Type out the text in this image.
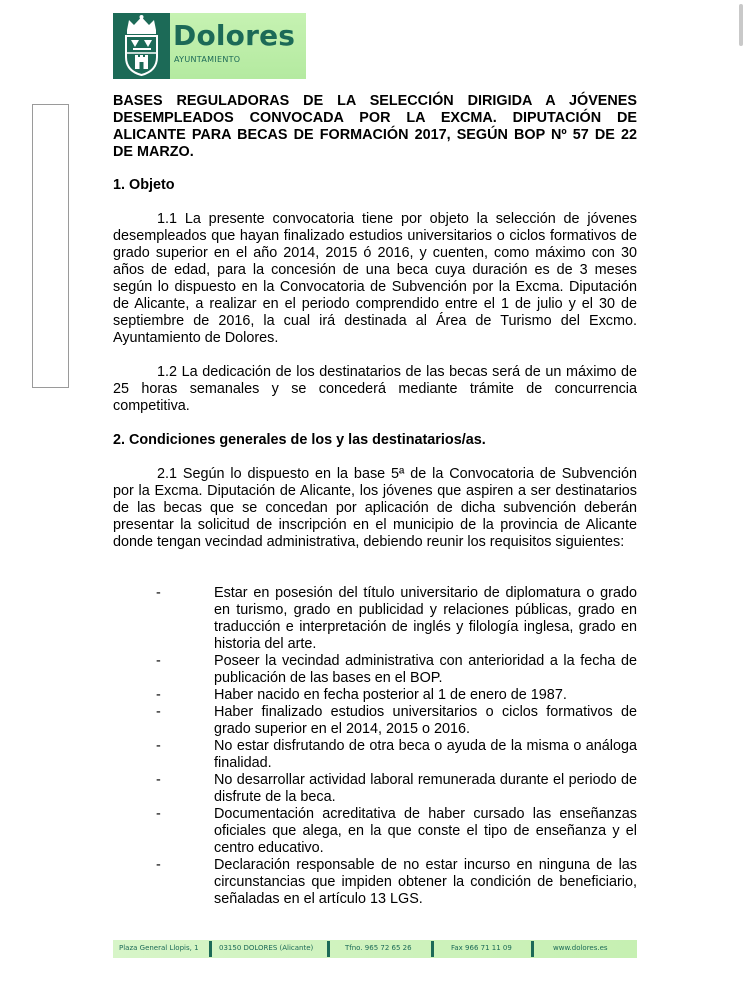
Dolores
AYUNTAMIENTO
BASES REGULADORAS DE LA SELECCIÓN DIRIGIDA A JÓVENES DESEMPLEADOS CONVOCADA POR LA EXCMA. DIPUTACIÓN DE ALICANTE PARA BECAS DE FORMACIÓN 2017, SEGÚN BOP Nº 57 DE 22 DE MARZO.
1. Objeto
1.1 La presente convocatoria tiene por objeto la selección de jóvenes desempleados que hayan finalizado estudios universitarios o ciclos formativos de grado superior en el año 2014, 2015 ó 2016, y cuenten, como máximo con 30 años de edad, para la concesión de una beca cuya duración es de 3 meses según lo dispuesto en la Convocatoria de Subvención por la Excma. Diputación de Alicante, a realizar en el periodo comprendido entre el 1 de julio y el 30 de septiembre de 2016, la cual irá destinada al Área de Turismo del Excmo. Ayuntamiento de Dolores.
1.2 La dedicación de los destinatarios de las becas será de un máximo de 25 horas semanales y se concederá mediante trámite de concurrencia competitiva.
2. Condiciones generales de los y las destinatarios/as.
2.1 Según lo dispuesto en la base 5ª de la Convocatoria de Subvención por la Excma. Diputación de Alicante, los jóvenes que aspiren a ser destinatarios de las becas que se concedan por aplicación de dicha subvención deberán presentar la solicitud de inscripción en el municipio de la provincia de Alicante donde tengan vecindad administrativa, debiendo reunir los requisitos siguientes:
-	Estar en posesión del título universitario de diplomatura o grado en turismo, grado en publicidad y relaciones públicas, grado en traducción e interpretación de inglés y filología inglesa, grado en historia del arte.
-	Poseer la vecindad administrativa con anterioridad a la fecha de publicación de las bases en el BOP.
-	Haber nacido en fecha posterior al 1 de enero de 1987.
-	Haber finalizado estudios universitarios o ciclos formativos de grado superior en el 2014, 2015 o 2016.
-	No estar disfrutando de otra beca o ayuda de la misma o análoga finalidad.
-	No desarrollar actividad laboral remunerada durante el periodo de disfrute de la beca.
-	Documentación acreditativa de haber cursado las enseñanzas oficiales que alega, en la que conste el tipo de enseñanza y el centro educativo.
-	Declaración responsable de no estar incurso en ninguna de las circunstancias que impiden obtener la condición de beneficiario, señaladas en el artículo 13 LGS.
Plaza General Llopis, 1	03150 DOLORES (Alicante)	Tfno. 965 72 65 26	Fax 966 71 11 09	www.dolores.es
